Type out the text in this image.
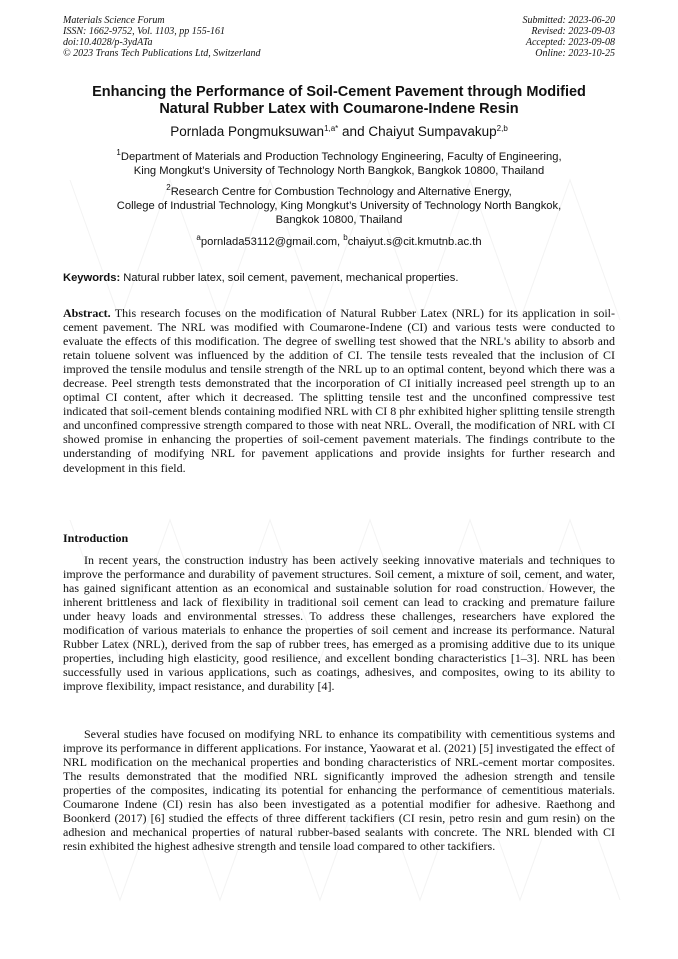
Materials Science Forum
ISSN: 1662-9752, Vol. 1103, pp 155-161
doi:10.4028/p-3ydATa
© 2023 Trans Tech Publications Ltd, Switzerland
Submitted: 2023-06-20
Revised: 2023-09-03
Accepted: 2023-09-08
Online: 2023-10-25
Enhancing the Performance of Soil-Cement Pavement through Modified
Natural Rubber Latex with Coumarone-Indene Resin
Pornlada Pongmuksuwan$^{1,a*}$ and Chaiyut Sumpavakup$^{2,b}$
$^1$Department of Materials and Production Technology Engineering, Faculty of Engineering,
King Mongkut’s University of Technology North Bangkok, Bangkok 10800, Thailand
$^2$Research Centre for Combustion Technology and Alternative Energy,
College of Industrial Technology, King Mongkut’s University of Technology North Bangkok,
Bangkok 10800, Thailand
$^a$pornlada53112@gmail.com, $^b$chaiyut.s@cit.kmutnb.ac.th
Keywords: Natural rubber latex, soil cement, pavement, mechanical properties.

Abstract. This research focuses on the modification of Natural Rubber Latex (NRL) for its application in soil-cement pavement. The NRL was modified with Coumarone-Indene (CI) and various tests were conducted to evaluate the effects of this modification. The degree of swelling test showed that the NRL's ability to absorb and retain toluene solvent was influenced by the addition of CI. The tensile tests revealed that the inclusion of CI improved the tensile modulus and tensile strength of the NRL up to an optimal content, beyond which there was a decrease. Peel strength tests demonstrated that the incorporation of CI initially increased peel strength up to an optimal CI content, after which it decreased. The splitting tensile test and the unconfined compressive test indicated that soil-cement blends containing modified NRL with CI 8 phr exhibited higher splitting tensile strength and unconfined compressive strength compared to those with neat NRL. Overall, the modification of NRL with CI showed promise in enhancing the properties of soil-cement pavement materials. The findings contribute to the understanding of modifying NRL for pavement applications and provide insights for further research and development in this field.

Introduction

In recent years, the construction industry has been actively seeking innovative materials and techniques to improve the performance and durability of pavement structures. Soil cement, a mixture of soil, cement, and water, has gained significant attention as an economical and sustainable solution for road construction. However, the inherent brittleness and lack of flexibility in traditional soil cement can lead to cracking and premature failure under heavy loads and environmental stresses. To address these challenges, researchers have explored the modification of various materials to enhance the properties of soil cement and increase its performance. Natural Rubber Latex (NRL), derived from the sap of rubber trees, has emerged as a promising additive due to its unique properties, including high elasticity, good resilience, and excellent bonding characteristics [1–3]. NRL has been successfully used in various applications, such as coatings, adhesives, and composites, owing to its ability to improve flexibility, impact resistance, and durability [4].

Several studies have focused on modifying NRL to enhance its compatibility with cementitious systems and improve its performance in different applications. For instance, Yaowarat et al. (2021) [5] investigated the effect of NRL modification on the mechanical properties and bonding characteristics of NRL-cement mortar composites. The results demonstrated that the modified NRL significantly improved the adhesion strength and tensile properties of the composites, indicating its potential for enhancing the performance of cementitious materials. Coumarone Indene (CI) resin has also been investigated as a potential modifier for adhesive. Raethong and Boonkerd (2017) [6] studied the effects of three different tackifiers (CI resin, petro resin and gum resin) on the adhesion and mechanical properties of natural rubber-based sealants with concrete. The NRL blended with CI resin exhibited the highest adhesive strength and tensile load compared to other tackifiers.
